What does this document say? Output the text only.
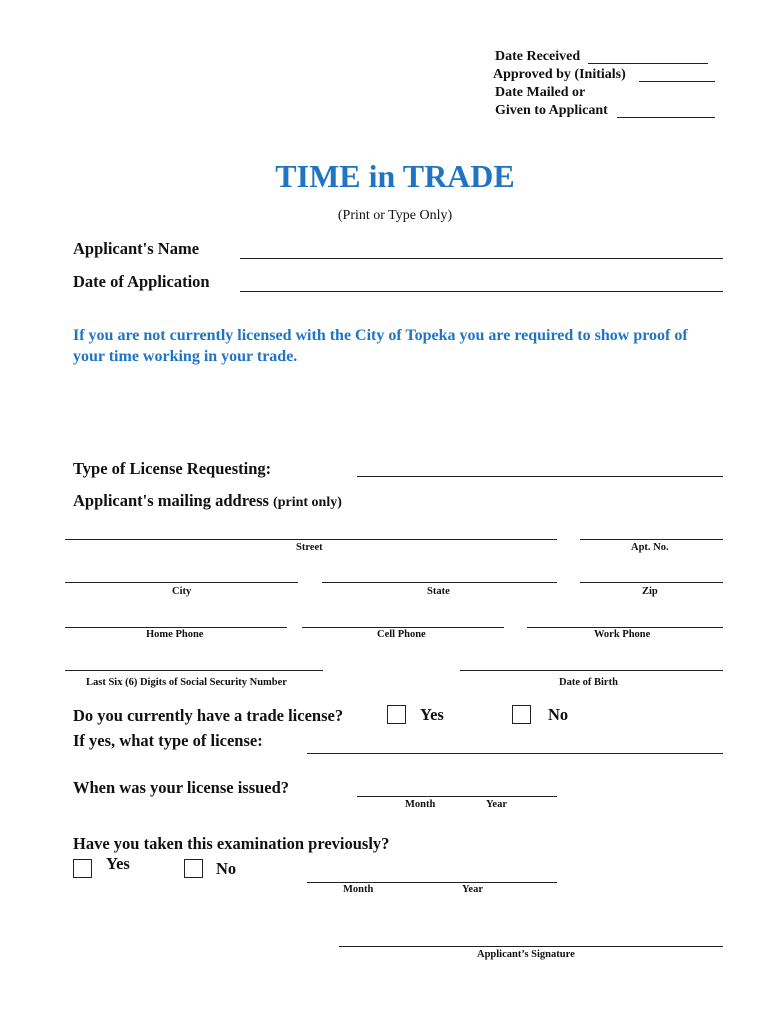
Date Received
Approved by (Initials)
Date Mailed or
Given to Applicant
TIME in TRADE
(Print or Type Only)
Applicant's Name
Date of Application
If you are not currently licensed with the City of Topeka you are required to show proof of your time working in your trade.
Type of License Requesting:
Applicant's mailing address (print only)
Street	Apt. No.
City	State	Zip
Home Phone	Cell Phone	Work Phone
Last Six (6) Digits of Social Security Number	Date of Birth
Do you currently have a trade license?	Yes	No
If yes, what type of license:
When was your license issued?
Month	Year
Have you taken this examination previously?
Yes	No
Month	Year
Applicant’s Signature
